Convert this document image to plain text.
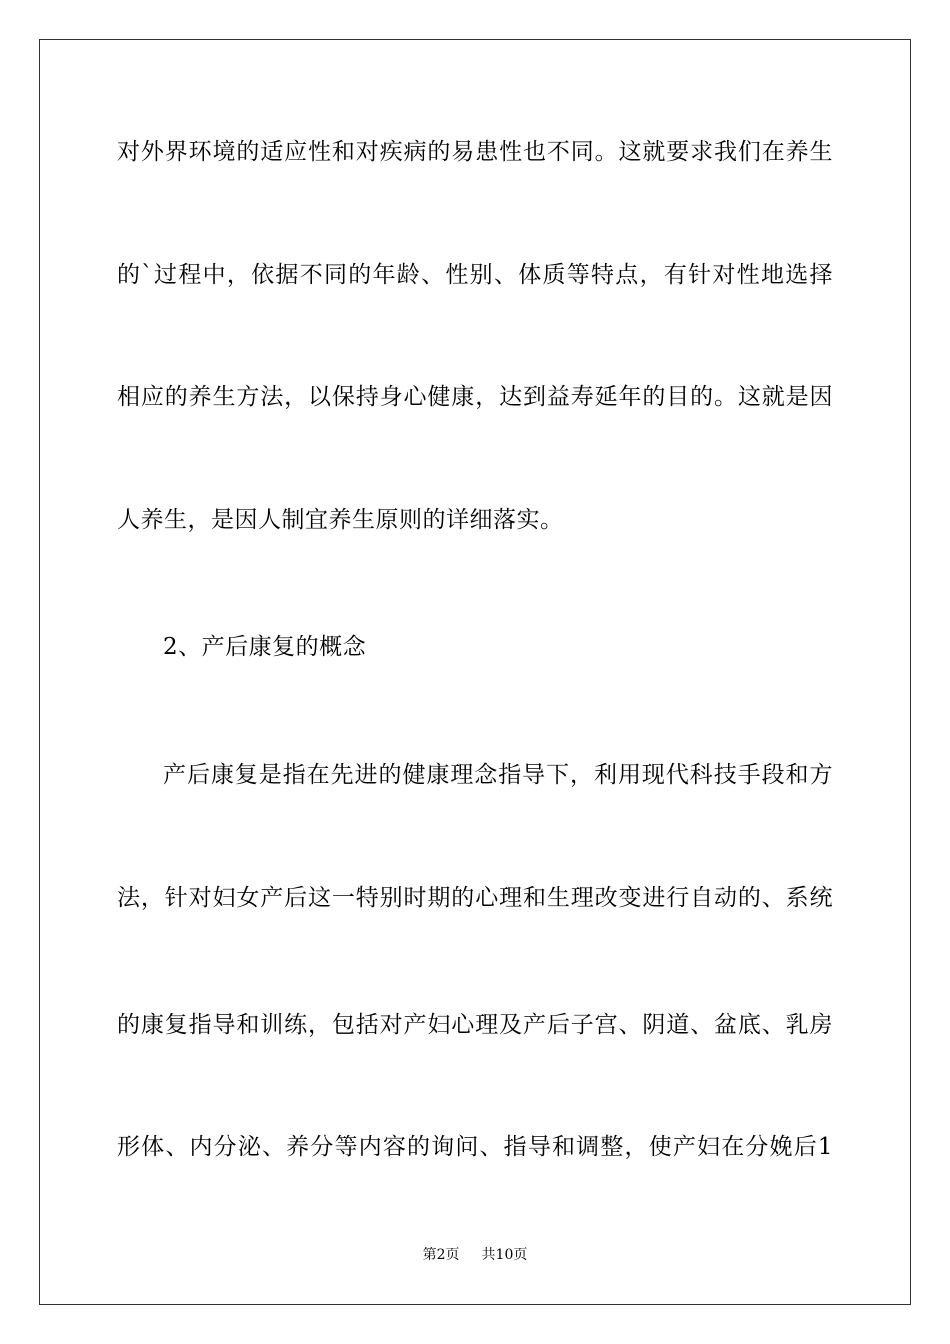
对外界环境的适应性和对疾病的易患性也不同。这就要求我们在养生
的`过程中，依据不同的年龄、性别、体质等特点，有针对性地选择
相应的养生方法，以保持身心健康，达到益寿延年的目的。这就是因
人养生，是因人制宜养生原则的详细落实。
2、产后康复的概念
产后康复是指在先进的健康理念指导下，利用现代科技手段和方
法，针对妇女产后这一特别时期的心理和生理改变进行自动的、系统
的康复指导和训练，包括对产妇心理及产后子宫、阴道、盆底、乳房
形体、内分泌、养分等内容的询问、指导和调整，使产妇在分娩后1
第2页 共10页
